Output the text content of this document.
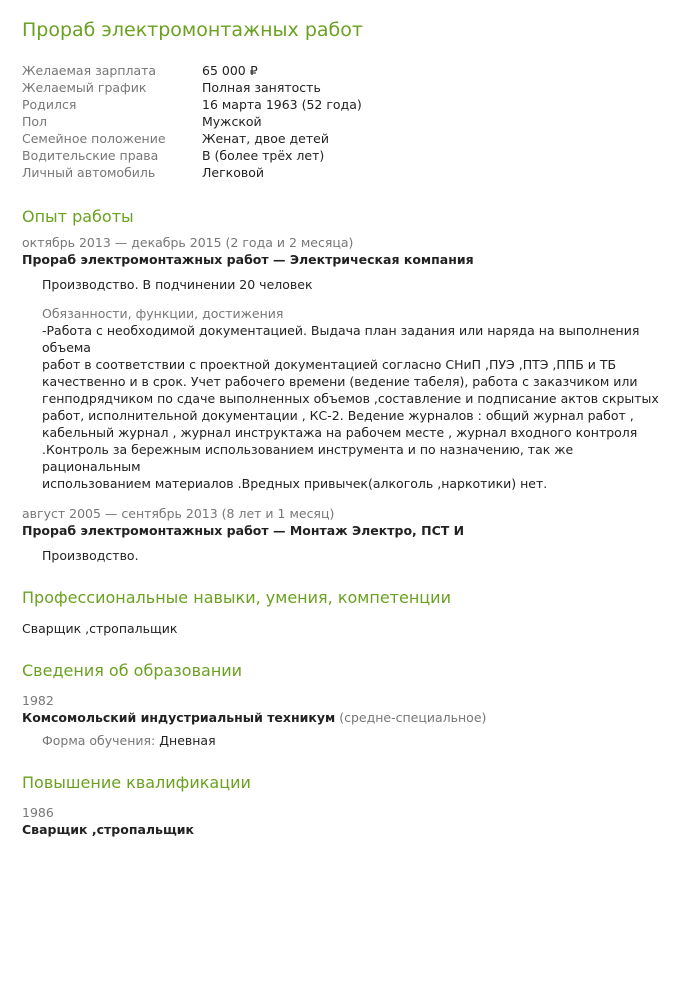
Прораб электромонтажных работ
Желаемая зарплата	65 000 ₽
Желаемый график	Полная занятость
Родился	16 марта 1963 (52 года)
Пол	Мужской
Семейное положение	Женат, двое детей
Водительские права	B (более трёх лет)
Личный автомобиль	Легковой
Опыт работы
октябрь 2013 — декабрь 2015 (2 года и 2 месяца)
Прораб электромонтажных работ — Электрическая компания
Производство. В подчинении 20 человек
Обязанности, функции, достижения
-Работа с необходимой документацией. Выдача план задания или наряда на выполнения объема
работ в соответствии с проектной документацией согласно СНиП ,ПУЭ ,ПТЭ ,ППБ и ТБ
качественно и в срок. Учет рабочего времени (ведение табеля), работа с заказчиком или
генподрядчиком по сдаче выполненных объемов ,составление и подписание актов скрытых
работ, исполнительной документации , КС-2. Ведение журналов : общий журнал работ ,
кабельный журнал , журнал инструктажа на рабочем месте , журнал входного контроля
.Контроль за бережным использованием инструмента и по назначению, так же рациональным
использованием материалов .Вредных привычек(алкоголь ,наркотики) нет.
август 2005 — сентябрь 2013 (8 лет и 1 месяц)
Прораб электромонтажных работ — Монтаж Электро, ПСТ И
Производство.
Профессиональные навыки, умения, компетенции
Сварщик ,стропальщик
Сведения об образовании
1982
Комсомольский индустриальный техникум (средне-специальное)
Форма обучения: Дневная
Повышение квалификации
1986
Сварщик ,стропальщик
